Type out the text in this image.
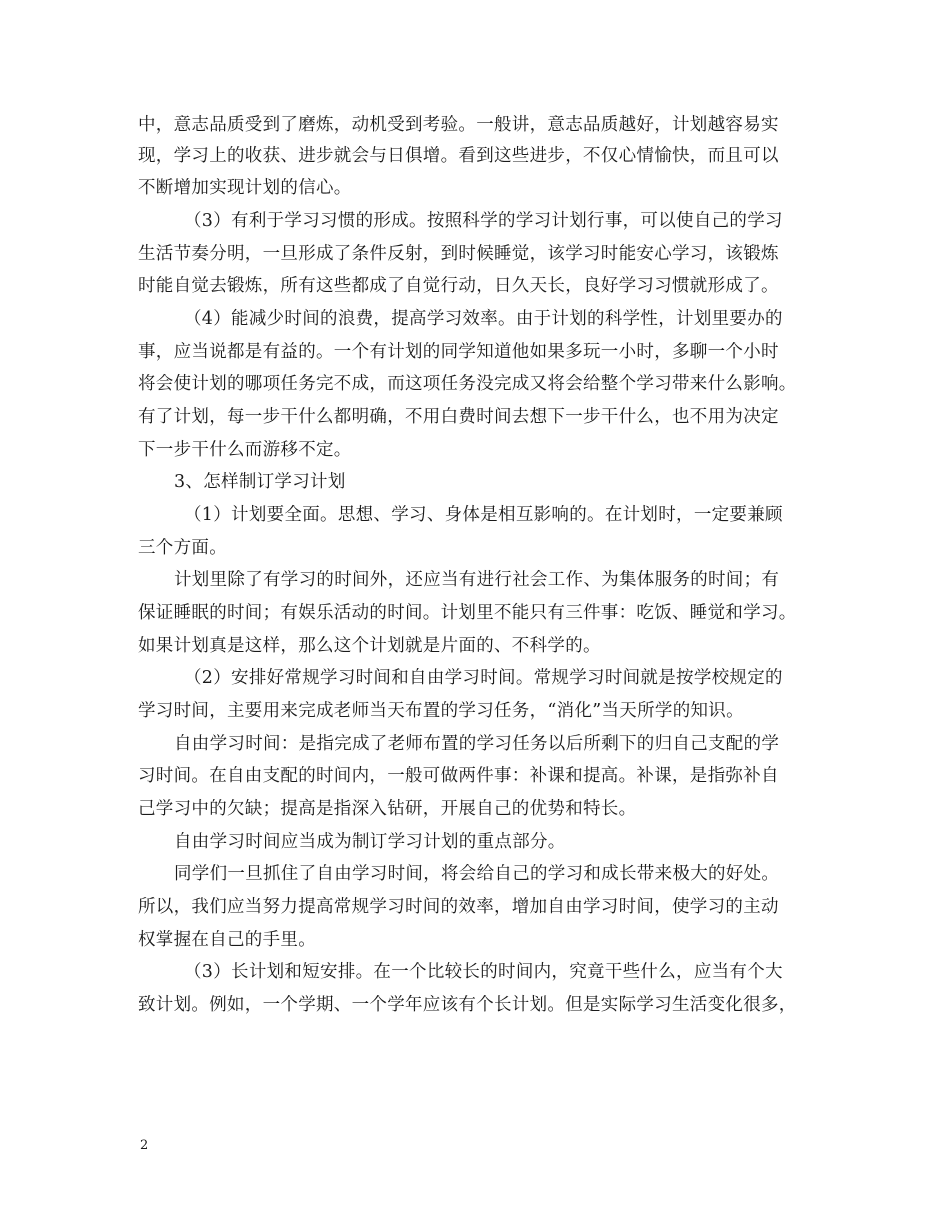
中，意志品质受到了磨炼，动机受到考验。一般讲，意志品质越好，计划越容易实
现，学习上的收获、进步就会与日俱增。看到这些进步，不仅心情愉快，而且可以
不断增加实现计划的信心。
（3）有利于学习习惯的形成。按照科学的学习计划行事，可以使自己的学习
生活节奏分明，一旦形成了条件反射，到时候睡觉，该学习时能安心学习，该锻炼
时能自觉去锻炼，所有这些都成了自觉行动，日久天长，良好学习习惯就形成了。
（4）能减少时间的浪费，提高学习效率。由于计划的科学性，计划里要办的
事，应当说都是有益的。一个有计划的同学知道他如果多玩一小时，多聊一个小时
将会使计划的哪项任务完不成，而这项任务没完成又将会给整个学习带来什么影响。
有了计划，每一步干什么都明确，不用白费时间去想下一步干什么，也不用为决定
下一步干什么而游移不定。
3、怎样制订学习计划
（1）计划要全面。思想、学习、身体是相互影响的。在计划时，一定要兼顾
三个方面。
计划里除了有学习的时间外，还应当有进行社会工作、为集体服务的时间；有
保证睡眠的时间；有娱乐活动的时间。计划里不能只有三件事：吃饭、睡觉和学习。
如果计划真是这样，那么这个计划就是片面的、不科学的。
（2）安排好常规学习时间和自由学习时间。常规学习时间就是按学校规定的
学习时间，主要用来完成老师当天布置的学习任务，“消化”当天所学的知识。
自由学习时间：是指完成了老师布置的学习任务以后所剩下的归自己支配的学
习时间。在自由支配的时间内，一般可做两件事：补课和提高。补课，是指弥补自
己学习中的欠缺；提高是指深入钻研，开展自己的优势和特长。
自由学习时间应当成为制订学习计划的重点部分。
同学们一旦抓住了自由学习时间，将会给自己的学习和成长带来极大的好处。
所以，我们应当努力提高常规学习时间的效率，增加自由学习时间，使学习的主动
权掌握在自己的手里。
（3）长计划和短安排。在一个比较长的时间内，究竟干些什么，应当有个大
致计划。例如，一个学期、一个学年应该有个长计划。但是实际学习生活变化很多，
2
